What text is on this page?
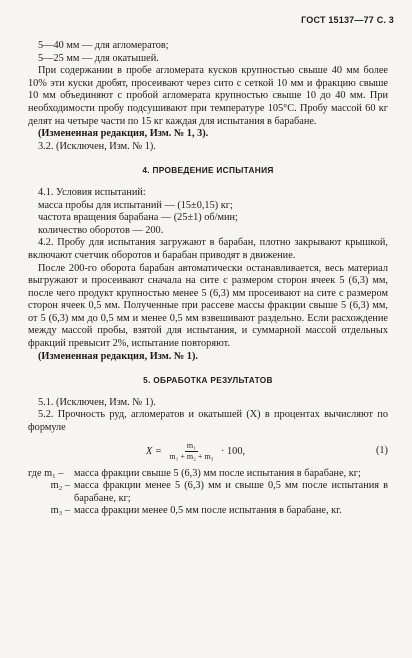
ГОСТ 15137—77 С. 3

5—40 мм — для агломератов;

5—25 мм — для окатышей.

При содержании в пробе агломерата кусков крупностью свыше 40 мм более 10% эти куски дробят, просеивают через сито с сеткой 10 мм и фракцию свыше 10 мм объединяют с пробой агломерата крупностью свыше 10 до 40 мм. При необходимости пробу подсушивают при температуре 105°С. Пробу массой 60 кг делят на четыре части по 15 кг каждая для испытания в барабане.

(Измененная редакция, Изм. № 1, 3).

3.2. (Исключен, Изм. № 1).

4. ПРОВЕДЕНИЕ ИСПЫТАНИЯ

4.1. Условия испытаний:

масса пробы для испытаний — (15±0,15) кг;

частота вращения барабана — (25±1) об/мин;

количество оборотов — 200.

4.2. Пробу для испытания загружают в барабан, плотно закрывают крышкой, включают счетчик оборотов и барабан приводят в движение.

После 200-го оборота барабан автоматически останавливается, весь материал выгружают и просеивают сначала на сите с размером сторон ячеек 5 (6,3) мм, после чего продукт крупностью менее 5 (6,3) мм просеивают на сите с размером сторон ячеек 0,5 мм. Полученные при рассеве массы фракции свыше 5 (6,3) мм, от 5 (6,3) мм до 0,5 мм и менее 0,5 мм взвешивают раздельно. Если расхождение между массой пробы, взятой для испытания, и суммарной массой отдельных фракций превысит 2%, испытание повторяют.

(Измененная редакция, Изм. № 1).

5. ОБРАБОТКА РЕЗУЛЬТАТОВ

5.1. (Исключен, Изм. № 1).

5.2. Прочность руд, агломератов и окатышей (X) в процентах вычисляют по формуле

$X = \frac{\text{m₁}}{\text{m₁ + m₂ + m₃}} \cdot 100$,	(1)
где m₁ –	масса фракции свыше 5 (6,3) мм после испытания в барабане, кг;
m₂ – масса фракции менее 5 (6,3) мм и свыше 0,5 мм после испытания в барабане, кг;
m₃ – масса фракции менее 0,5 мм после испытания в барабане, кг.
